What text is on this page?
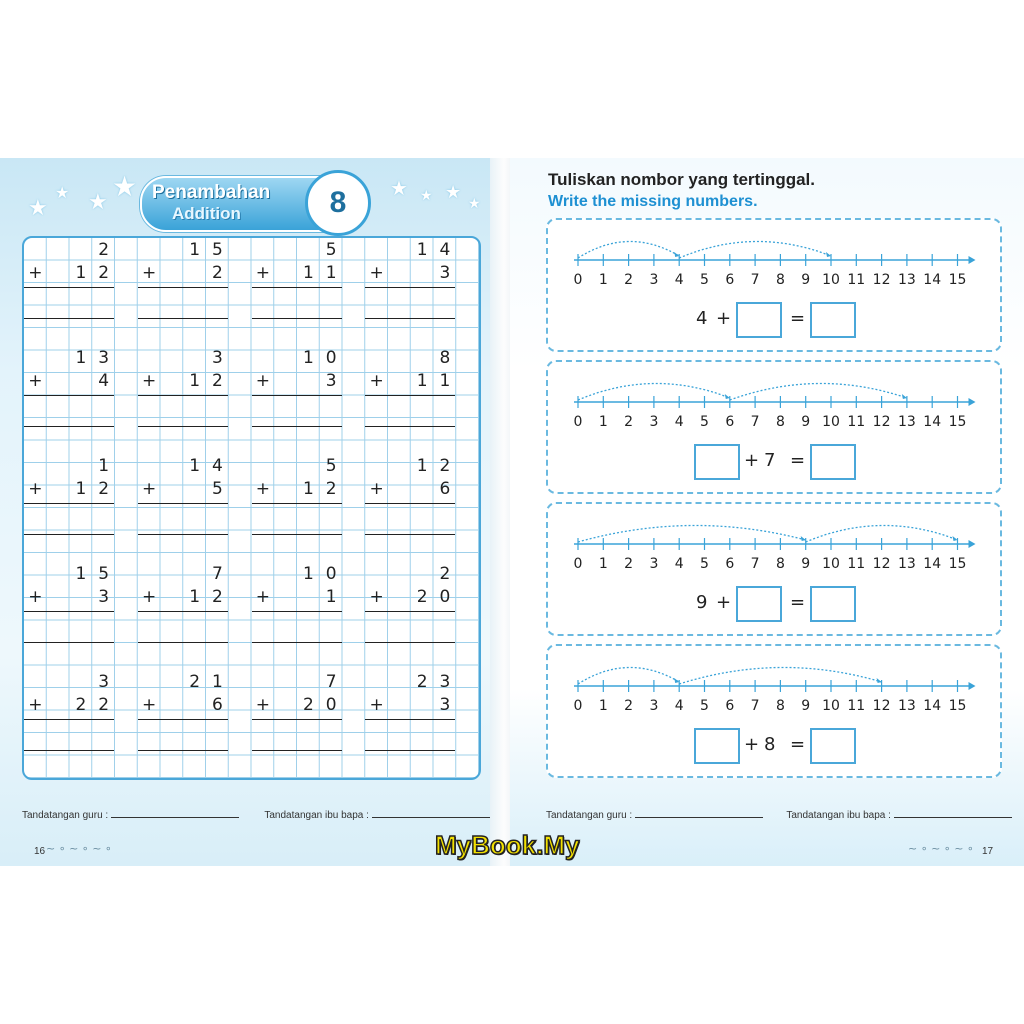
★
★ ★ ★	★ ★ ★
★
Penambahan
Addition	8
2
+	1 2
1 5
+	2
5
+	1 1
1 4
+	3
1 3
+	4
3
+	1 2
1 0
+	3
8
+	1 1
1
+	1 2
1 4
+	5
5
+	1 2
1 2
+	6
1 5
+	3
7
+	1 2
1 0
+	1
2
+	2 0
3
+	2 2
2 1
+	6
7
+	2 0
2 3
+	3
Tandatangan guru :	Tandatangan ibu bapa :
16 ~ ∘ ~ ∘ ~ ∘
Tandatangan guru :	Tandatangan ibu bapa :
17
~ ∘ ~ ∘ ~ ∘
Tuliskan nombor yang tertinggal.
Write the missing numbers.
0 1 2 3 4 5 6 7 8 9 10 11 12 13 14 15
4 +	=
0 1 2 3 4 5 6 7 8 9 10 11 12 13 14 15
+ 7 =
0 1 2 3 4 5 6 7 8 9 10 11 12 13 14 15
9 +	=
0 1 2 3 4 5 6 7 8 9 10 11 12 13 14 15
+ 8 =
MyBook.My
